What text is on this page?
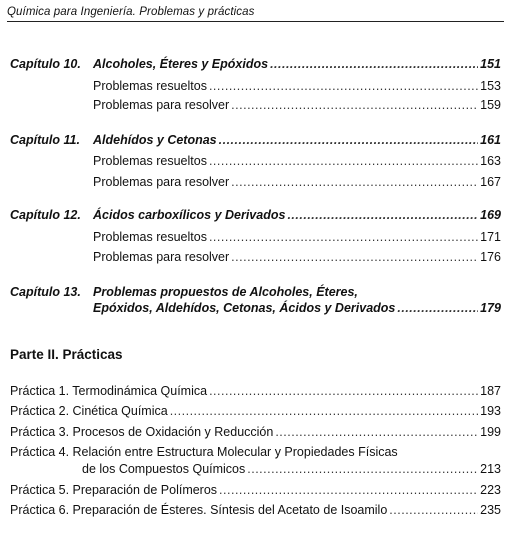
Química para Ingeniería. Problemas y prácticas
Capítulo 10. Alcoholes, Éteres y Epóxidos .....	151
Problemas resueltos .....	153
Problemas para resolver .....	159
Capítulo 11. Aldehídos y Cetonas .....	161
Problemas resueltos .....	163
Problemas para resolver .....	167
Capítulo 12. Ácidos carboxílicos y Derivados .....	169
Problemas resueltos .....	171
Problemas para resolver .....	176
Capítulo 13. Problemas propuestos de Alcoholes, Éteres,
Epóxidos, Aldehídos, Cetonas, Ácidos y Derivados .....	179
Parte II. Prácticas
Práctica 1. Termodinámica Química .....	187
Práctica 2. Cinética Química .....	193
Práctica 3. Procesos de Oxidación y Reducción .....	199
Práctica 4. Relación entre Estructura Molecular y Propiedades Físicas
de los Compuestos Químicos .....	213
Práctica 5. Preparación de Polímeros .....	223
Práctica 6. Preparación de Ésteres. Síntesis del Acetato de Isoamilo .....	235
